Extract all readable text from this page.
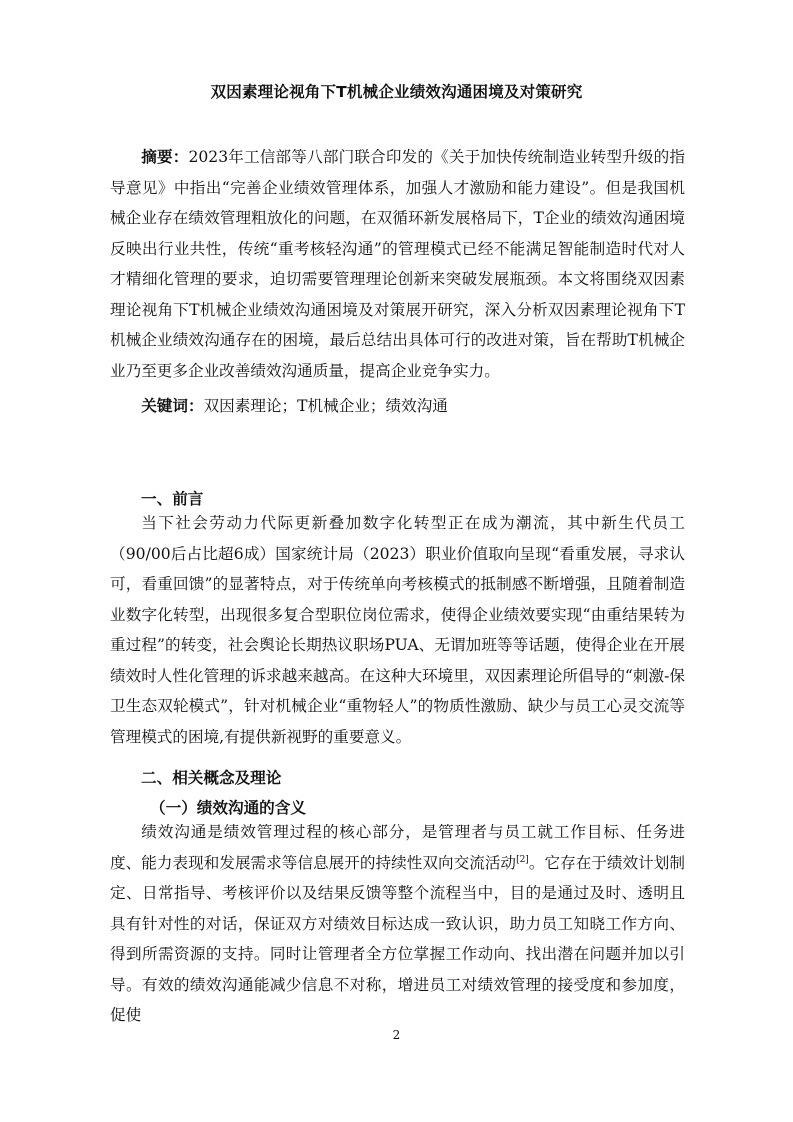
双因素理论视角下T机械企业绩效沟通困境及对策研究

摘要：2023年工信部等八部门联合印发的《关于加快传统制造业转型升级的指导意见》中指出“完善企业绩效管理体系，加强人才激励和能力建设”。但是我国机械企业存在绩效管理粗放化的问题，在双循环新发展格局下，T企业的绩效沟通困境反映出行业共性，传统“重考核轻沟通”的管理模式已经不能满足智能制造时代对人才精细化管理的要求，迫切需要管理理论创新来突破发展瓶颈。本文将围绕双因素理论视角下T机械企业绩效沟通困境及对策展开研究，深入分析双因素理论视角下T机械企业绩效沟通存在的困境，最后总结出具体可行的改进对策，旨在帮助T机械企业乃至更多企业改善绩效沟通质量，提高企业竞争实力。

关键词：双因素理论；T机械企业；绩效沟通

一、前言

当下社会劳动力代际更新叠加数字化转型正在成为潮流，其中新生代员工（90/00后占比超6成）国家统计局（2023）职业价值取向呈现“看重发展，寻求认可，看重回馈”的显著特点，对于传统单向考核模式的抵制感不断增强，且随着制造业数字化转型，出现很多复合型职位岗位需求，使得企业绩效要实现“由重结果转为重过程”的转变，社会舆论长期热议职场PUA、无谓加班等等话题，使得企业在开展绩效时人性化管理的诉求越来越高。在这种大环境里，双因素理论所倡导的“刺激-保卫生态双轮模式”，针对机械企业“重物轻人”的物质性激励、缺少与员工心灵交流等管理模式的困境,有提供新视野的重要意义。

二、相关概念及理论
（一）绩效沟通的含义

绩效沟通是绩效管理过程的核心部分，是管理者与员工就工作目标、任务进度、能力表现和发展需求等信息展开的持续性双向交流活动[2]。它存在于绩效计划制定、日常指导、考核评价以及结果反馈等整个流程当中，目的是通过及时、透明且具有针对性的对话，保证双方对绩效目标达成一致认识，助力员工知晓工作方向、得到所需资源的支持。同时让管理者全方位掌握工作动向、找出潜在问题并加以引导。有效的绩效沟通能减少信息不对称，增进员工对绩效管理的接受度和参加度，促使

2
